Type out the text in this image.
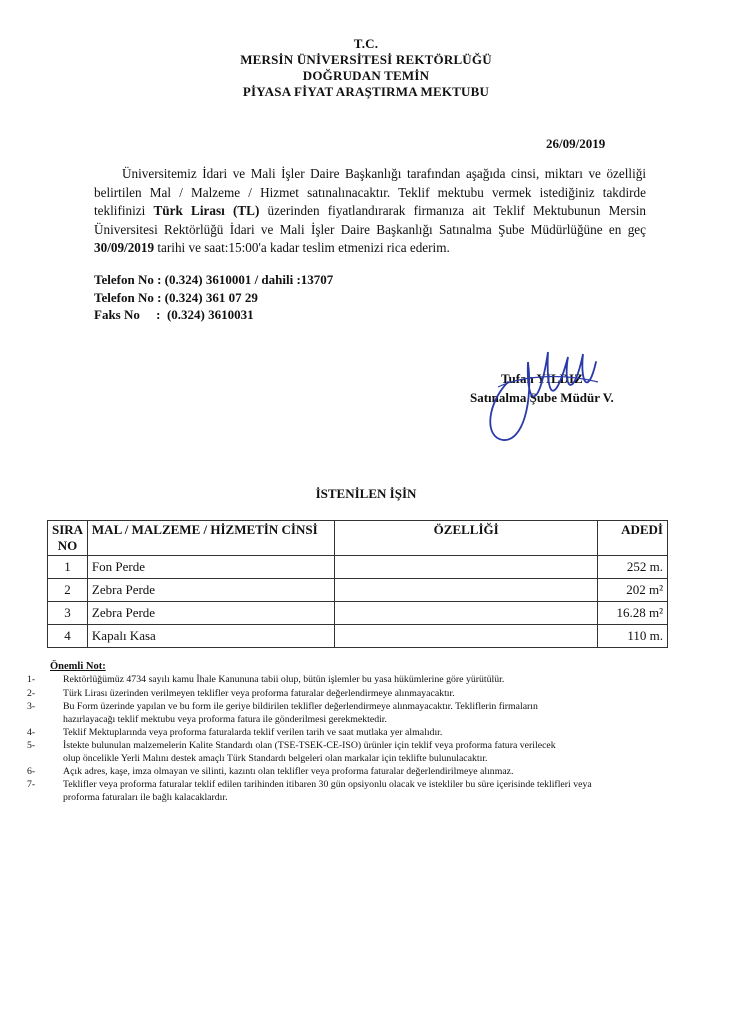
T.C.
MERSİN ÜNİVERSİTESİ REKTÖRLÜĞÜ
DOĞRUDAN TEMİN
PİYASA FİYAT ARAŞTIRMA MEKTUBU
26/09/2019
Üniversitemiz İdari ve Mali İşler Daire Başkanlığı tarafından aşağıda cinsi, miktarı ve özelliği belirtilen Mal / Malzeme / Hizmet satınalınacaktır. Teklif mektubu vermek istediğiniz takdirde teklifinizi Türk Lirası (TL) üzerinden fiyatlandırarak firmanıza ait Teklif Mektubunun Mersin Üniversitesi Rektörlüğü İdari ve Mali İşler Daire Başkanlığı Satınalma Şube Müdürlüğüne en geç 30/09/2019 tarihi ve saat:15:00'a kadar teslim etmenizi rica ederim.
Telefon No : (0.324) 3610001 / dahili :13707
Telefon No : (0.324) 361 07 29
Faks No     :  (0.324) 3610031
Tufan YILDIZ
Satınalma Şube Müdür V.
İSTENİLEN İŞİN
SIRA NO	MAL / MALZEME / HİZMETİN CİNSİ	ÖZELLİĞİ	ADEDİ
1	Fon Perde		252 m.
2	Zebra Perde		202 m²
3	Zebra Perde		16.28 m²
4	Kapalı Kasa		110 m.
Önemli Not:
1-	Rektörlüğümüz 4734 sayılı kamu İhale Kanununa tabii olup, bütün işlemler bu yasa hükümlerine göre yürütülür.
2-	Türk Lirası üzerinden verilmeyen teklifler veya proforma faturalar değerlendirmeye alınmayacaktır.
3-	Bu Form üzerinde yapılan ve bu form ile geriye bildirilen teklifler değerlendirmeye alınmayacaktır. Tekliflerin firmaların hazırlayacağı teklif mektubu veya proforma fatura ile gönderilmesi gerekmektedir.
4-	Teklif Mektuplarında veya proforma faturalarda teklif verilen tarih ve saat mutlaka yer almalıdır.
5-	İstekte bulunulan malzemelerin Kalite Standardı olan (TSE-TSEK-CE-ISO) ürünler için teklif veya proforma fatura verilecek olup öncelikle Yerli Malını destek amaçlı Türk Standardı belgeleri olan markalar için teklifte bulunulacaktır.
6-	Açık adres, kaşe, imza olmayan ve silinti, kazıntı olan teklifler veya proforma faturalar değerlendirilmeye alınmaz.
7-	Teklifler veya proforma faturalar teklif edilen tarihinden itibaren 30 gün opsiyonlu olacak ve istekliler bu süre içerisinde teklifleri veya proforma faturaları ile bağlı kalacaklardır.
